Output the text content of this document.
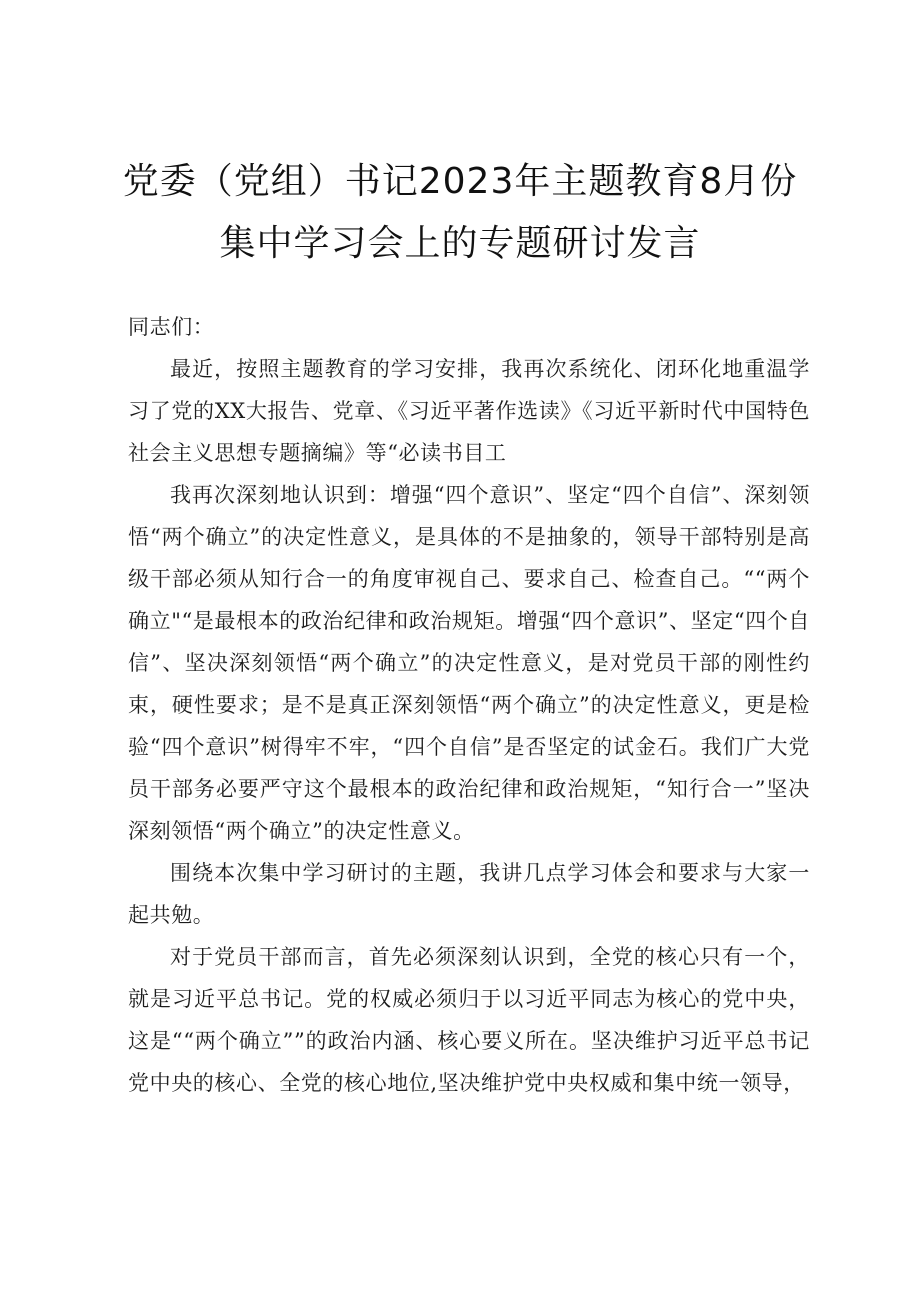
党委（党组）书记2023年主题教育8月份
集中学习会上的专题研讨发言
同志们：
最近，按照主题教育的学习安排，我再次系统化、闭环化地重温学习了党的XX大报告、党章、《习近平著作选读》《习近平新时代中国特色社会主义思想专题摘编》等“必读书目工
我再次深刻地认识到：增强“四个意识”、坚定“四个自信”、深刻领悟“两个确立”的决定性意义，是具体的不是抽象的，领导干部特别是高级干部必须从知行合一的角度审视自己、要求自己、检查自己。““两个确立"“是最根本的政治纪律和政治规矩。增强“四个意识”、坚定“四个自信”、坚决深刻领悟“两个确立”的决定性意义，是对党员干部的刚性约束，硬性要求；是不是真正深刻领悟“两个确立”的决定性意义，更是检验“四个意识”树得牢不牢，“四个自信”是否坚定的试金石。我们广大党员干部务必要严守这个最根本的政治纪律和政治规矩，“知行合一”坚决深刻领悟“两个确立”的决定性意义。
围绕本次集中学习研讨的主题，我讲几点学习体会和要求与大家一起共勉。
对于党员干部而言，首先必须深刻认识到，全党的核心只有一个，就是习近平总书记。党的权威必须归于以习近平同志为核心的党中央，这是““两个确立””的政治内涵、核心要义所在。坚决维护习近平总书记党中央的核心、全党的核心地位,坚决维护党中央权威和集中统一领导，
